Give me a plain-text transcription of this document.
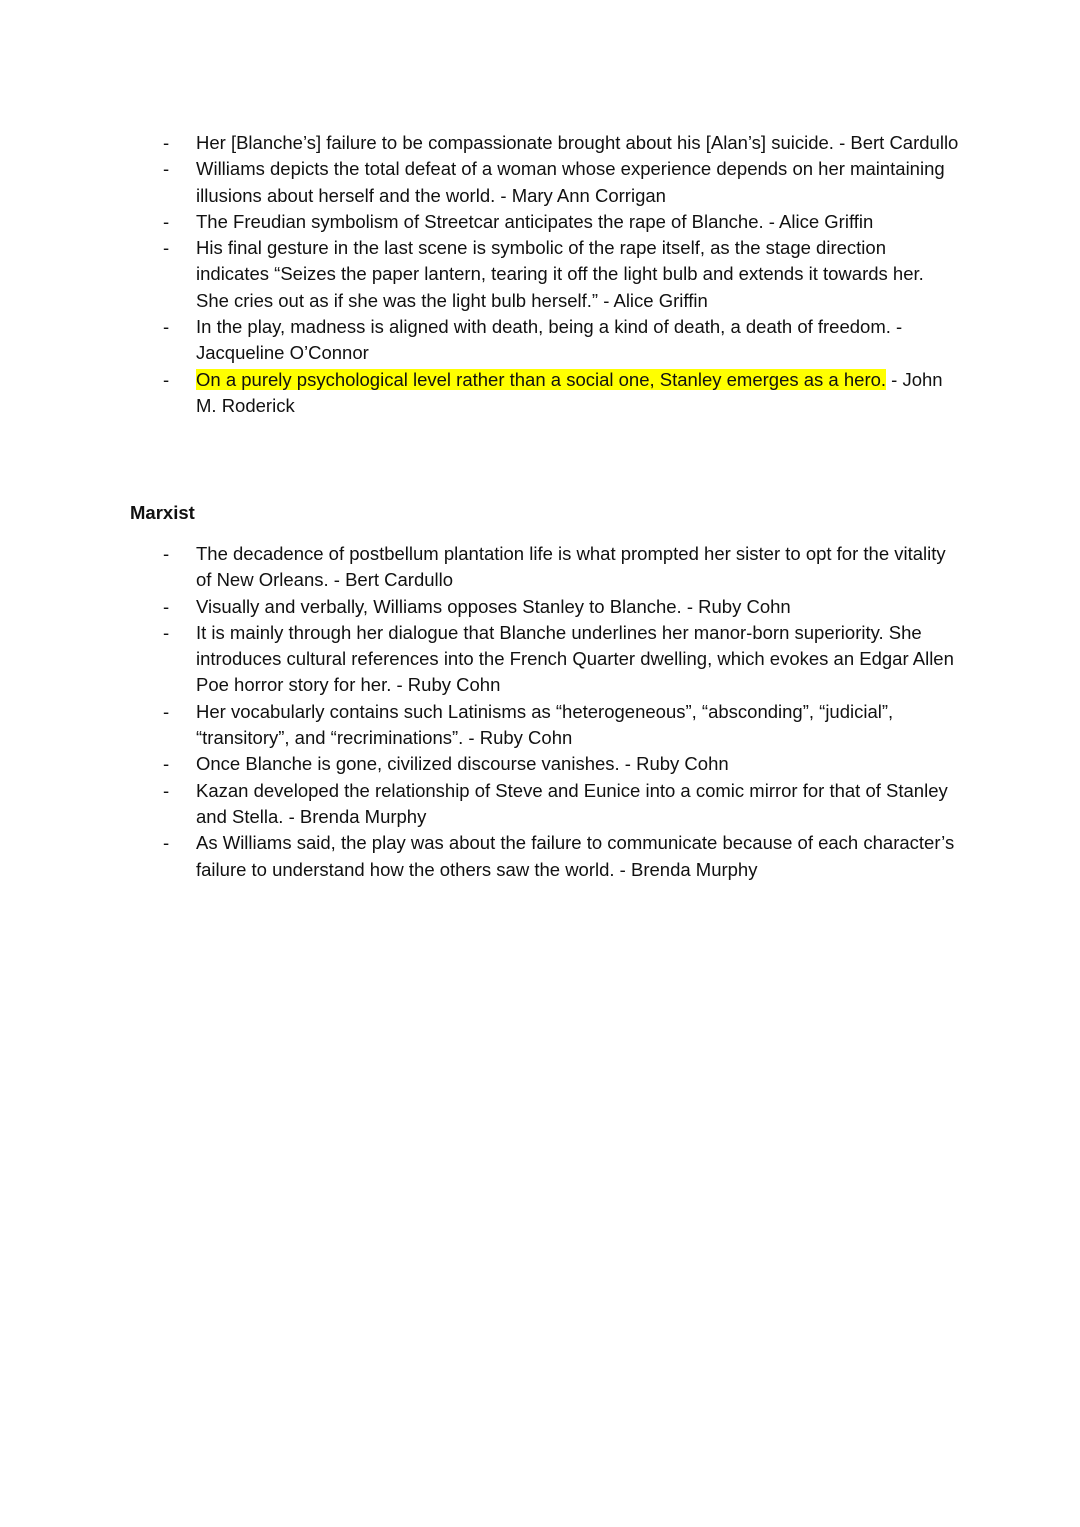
-	Her [Blanche’s] failure to be compassionate brought about his [Alan’s] suicide. - Bert Cardullo
-	Williams depicts the total defeat of a woman whose experience depends on her maintaining illusions about herself and the world. - Mary Ann Corrigan
-	The Freudian symbolism of Streetcar anticipates the rape of Blanche. - Alice Griffin
-	His final gesture in the last scene is symbolic of the rape itself, as the stage direction indicates “Seizes the paper lantern, tearing it off the light bulb and extends it towards her. She cries out as if she was the light bulb herself.” - Alice Griffin
-	In the play, madness is aligned with death, being a kind of death, a death of freedom. - Jacqueline O’Connor
-	On a purely psychological level rather than a social one, Stanley emerges as a hero. - John M. Roderick
Marxist
-	The decadence of postbellum plantation life is what prompted her sister to opt for the vitality of New Orleans. - Bert Cardullo
-	Visually and verbally, Williams opposes Stanley to Blanche. - Ruby Cohn
-	It is mainly through her dialogue that Blanche underlines her manor-born superiority. She introduces cultural references into the French Quarter dwelling, which evokes an Edgar Allen Poe horror story for her. - Ruby Cohn
-	Her vocabularly contains such Latinisms as “heterogeneous”, “absconding”, “judicial”, “transitory”, and “recriminations”. - Ruby Cohn
-	Once Blanche is gone, civilized discourse vanishes. - Ruby Cohn
-	Kazan developed the relationship of Steve and Eunice into a comic mirror for that of Stanley and Stella. - Brenda Murphy
-	As Williams said, the play was about the failure to communicate because of each character’s failure to understand how the others saw the world. - Brenda Murphy
